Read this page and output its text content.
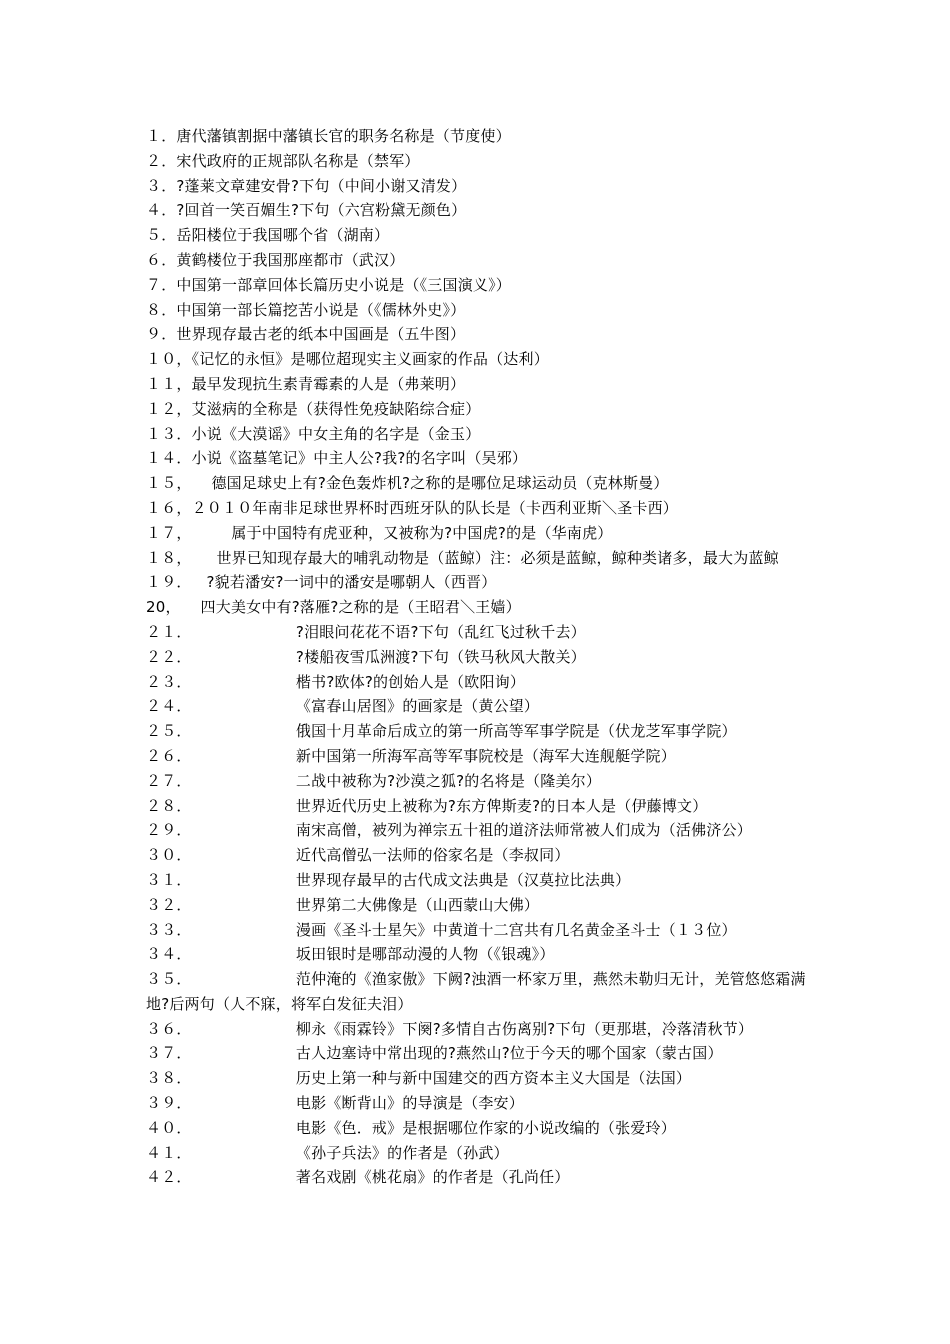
１．唐代藩镇割据中藩镇长官的职务名称是（节度使）
２．宋代政府的正规部队名称是（禁军）
３．?蓬莱文章建安骨?下句（中间小谢又清发）
４．?回首一笑百媚生?下句（六宫粉黛无颜色）
５．岳阳楼位于我国哪个省（湖南）
６．黄鹤楼位于我国那座都市（武汉）
７．中国第一部章回体长篇历史小说是（《三国演义》）
８．中国第一部长篇挖苦小说是（《儒林外史》）
９．世界现存最古老的纸本中国画是（五牛图）
１０，《记忆的永恒》是哪位超现实主义画家的作品（达利）
１１，最早发现抗生素青霉素的人是（弗莱明）
１２，艾滋病的全称是（获得性免疫缺陷综合症）
１３．小说《大漠谣》中女主角的名字是（金玉）
１４．小说《盗墓笔记》中主人公?我?的名字叫（吴邪）
１５，    德国足球史上有?金色轰炸机?之称的是哪位足球运动员（克林斯曼）
１６，２０１０年南非足球世界杯时西班牙队的队长是（卡西利亚斯＼圣卡西）
１７，        属于中国特有虎亚种，又被称为?中国虎?的是（华南虎）
１８，     世界已知现存最大的哺乳动物是（蓝鲸）注：必须是蓝鲸，鲸种类诸多，最大为蓝鲸
１９．   ?貌若潘安?一词中的潘安是哪朝人（西晋）
20，    四大美女中有?落雁?之称的是（王昭君＼王嫱）
２１．                     ?泪眼问花花不语?下句（乱红飞过秋千去）
２２．                     ?楼船夜雪瓜洲渡?下句（铁马秋风大散关）
２３．                     楷书?欧体?的创始人是（欧阳询）
２４．                     《富春山居图》的画家是（黄公望）
２５．                     俄国十月革命后成立的第一所高等军事学院是（伏龙芝军事学院）
２６．                     新中国第一所海军高等军事院校是（海军大连舰艇学院）
２７．                     二战中被称为?沙漠之狐?的名将是（隆美尔）
２８．                     世界近代历史上被称为?东方俾斯麦?的日本人是（伊藤博文）
２９．                     南宋高僧，被列为禅宗五十祖的道济法师常被人们成为（活佛济公）
３０．                     近代高僧弘一法师的俗家名是（李叔同）
３１．                     世界现存最早的古代成文法典是（汉莫拉比法典）
３２．                     世界第二大佛像是（山西蒙山大佛）
３３．                     漫画《圣斗士星矢》中黄道十二宫共有几名黄金圣斗士（１３位）
３４．                     坂田银时是哪部动漫的人物（《银魂》）
３５．                     范仲淹的《渔家傲》下阙?浊酒一杯家万里，燕然未勒归无计，羌管悠悠霜满地?后两句（人不寐，将军白发征夫泪）
３６．                     柳永《雨霖铃》下阕?多情自古伤离别?下句（更那堪，冷落清秋节）
３７．                     古人边塞诗中常出现的?燕然山?位于今天的哪个国家（蒙古国）
３８．                     历史上第一种与新中国建交的西方资本主义大国是（法国）
３９．                     电影《断背山》的导演是（李安）
４０．                     电影《色．戒》是根据哪位作家的小说改编的（张爱玲）
４１．                     《孙子兵法》的作者是（孙武）
４２．                     著名戏剧《桃花扇》的作者是（孔尚任）
